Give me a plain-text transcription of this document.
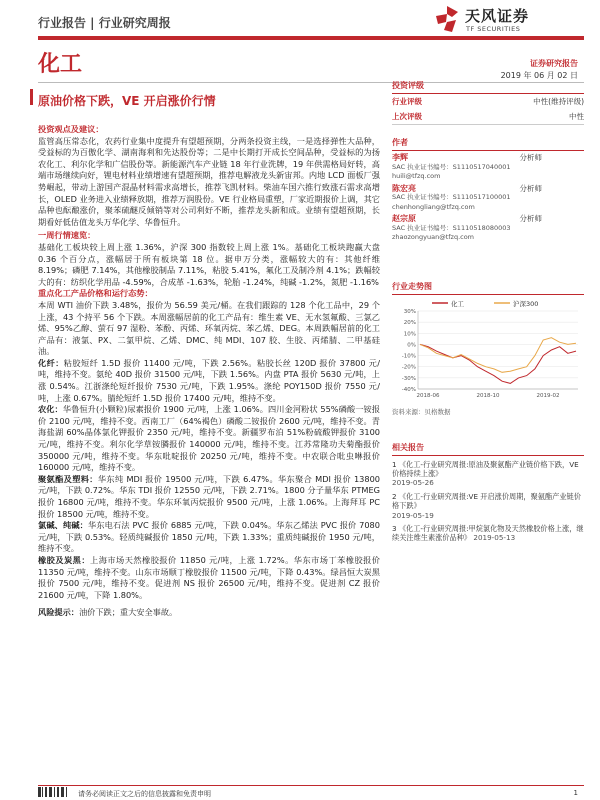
行业报告 | 行业研究周报	天风证券
TF SECURITIES
化工	证券研究报告
2019 年 06 月 02 日
原油价格下跌，VE 开启涨价行情
投资观点及建议：

监管高压常态化，农药行业集中度提升有望超预期，分两条投资主线，一是选择弹性大品种，受益标的为百傲化学、湖南海利和先达股份等；二是中长期打开成长空间品种，受益标的为扬农化工、利尔化学和广信股份等。新能源汽车产业链 18 年行业洗牌，19 年供需格局好转，高端市场继续向好，锂电材料业绩增速有望超预期，推荐电解液龙头新宙邦。内地 LCD 面板厂强势崛起，带动上游国产混晶材料需求高增长，推荐飞凯材料。柴油车国六推行致涨石需求高增长，OLED 业务进入业绩释放期，推荐万润股份。VE 行业格局重塑，厂家近期报价上调，其它品种也酝酿涨价，聚苯硫醚反倾销等对公司利好不断，推荐龙头新和成。业绩有望超预期，长期看好低估值龙头万华化学、华鲁恒升。

一周行情速览：

基础化工板块较上周上涨 1.36%，沪深 300 指数较上周上涨 1%。基础化工板块跑赢大盘 0.36 个百分点，涨幅居于所有板块第 18 位。据申万分类，涨幅较大的有：其他纤维 8.19%；磷肥 7.14%，其他橡胶制品 7.11%，粘胶 5.41%，氟化工及制冷剂 4.1%；跌幅较大的有：纺织化学用品 -4.59%，合成革 -1.63%，轮胎 -1.24%，纯碱 -1.2%，氮肥 -1.16%

重点化工产品价格和运行态势：

本周 WTI 油价下跌 3.48%，报价为 56.59 美元/桶。在我们跟踪的 128 个化工品中，29 个上涨，43 个持平 56 个下跌。本周涨幅居前的化工产品有：维生素 VE、无水氢氟酸、三氯乙烯、95%乙醇、萤石 97 湿粉、苯酚、丙烯、环氧丙烷、苯乙烯、DEG。本周跌幅居前的化工产品有：液氯、PX、二氯甲烷、乙烯、DMC、纯 MDI、107 胶、生胶、丙烯腈、二甲基硅油。

化纤：粘胶短纤 1.5D 报价 11400 元/吨，下跌 2.56%。粘胶长丝 120D 报价 37800 元/吨，维持不变。氨纶 40D 报价 31500 元/吨，下跌 1.56%。内盘 PTA 报价 5630 元/吨，上涨 0.54%。江浙涤纶短纤报价 7530 元/吨，下跌 1.95%。涤纶 POY150D 报价 7550 元/吨，上涨 0.67%。腈纶短纤 1.5D 报价 17400 元/吨，维持不变。

农化：华鲁恒升(小颗粒)尿素报价 1900 元/吨，上涨 1.06%。四川金河粉状 55%磷酸一铵报价 2100 元/吨，维持不变。西南工厂（64%褐色）磷酸二铵报价 2600 元/吨，维持不变。青海盐湖 60%晶体氯化钾报价 2350 元/吨，维持不变。新疆罗布泊 51%粉硫酸钾报价 3100 元/吨，维持不变。利尔化学草铵膦报价 140000 元/吨，维持不变。江苏常隆功夫菊酯报价 350000 元/吨，维持不变。华东吡啶报价 20250 元/吨，维持不变。中农联合吡虫啉报价 160000 元/吨，维持不变。

聚氨酯及塑料：华东纯 MDI 报价 19500 元/吨，下跌 6.47%。华东聚合 MDI 报价 13800 元/吨，下跌 0.72%。华东 TDI 报价 12550 元/吨，下跌 2.71%。1800 分子量华东 PTMEG 报价 16800 元/吨，维持不变。华东环氧丙烷报价 9500 元/吨，上涨 1.06%。上海拜耳 PC 报价 18500 元/吨，维持不变。

氯碱、纯碱：华东电石法 PVC 报价 6885 元/吨，下跌 0.04%。华东乙烯法 PVC 报价 7080 元/吨，下跌 0.53%。轻质纯碱报价 1850 元/吨，下跌 1.33%；重质纯碱报价 1950 元/吨，维持不变。

橡胶及炭黑：上海市场天然橡胶报价 11850 元/吨，上涨 1.72%。华东市场丁苯橡胶报价 11350 元/吨，维持不变。山东市场顺丁橡胶报价 11500 元/吨，下降 0.43%。绿昌恒大炭黑报价 7500 元/吨，维持不变。促进剂 NS 报价 26500 元/吨，维持不变。促进剂 CZ 报价 21600 元/吨，下降 1.80%。

风险提示：油价下跌；重大安全事故。

投资评级
行业评级	中性(维持评级)
上次评级	中性
作者
李辉	分析师
SAC 执业证书编号：S1110517040001
huili@tfzq.com
陈宏亮	分析师
SAC 执业证书编号：S1110517100001
chenhongliang@tfzq.com
赵宗原	分析师
SAC 执业证书编号：S1110518080003
zhaozongyuan@tfzq.com
行业走势图
化工	沪深300
30%
20%
10%
0%
-10%
-20%
-30%
-40%
2018-06	2018-10	2019-02
资料来源：贝格数据
相关报告
1 《化工-行业研究周报:原油及聚氨酯产业链价格下跌，VE 价格持续上涨》
2019-05-26
2 《化工-行业研究周报:VE 开启涨价周期，聚氨酯产业链价格下跌》
2019-05-19
3 《化工-行业研究周报:甲烷氯化物及天然橡胶价格上涨，继续关注维生素涨价品种》 2019-05-13
请务必阅读正文之后的信息披露和免责申明	1
